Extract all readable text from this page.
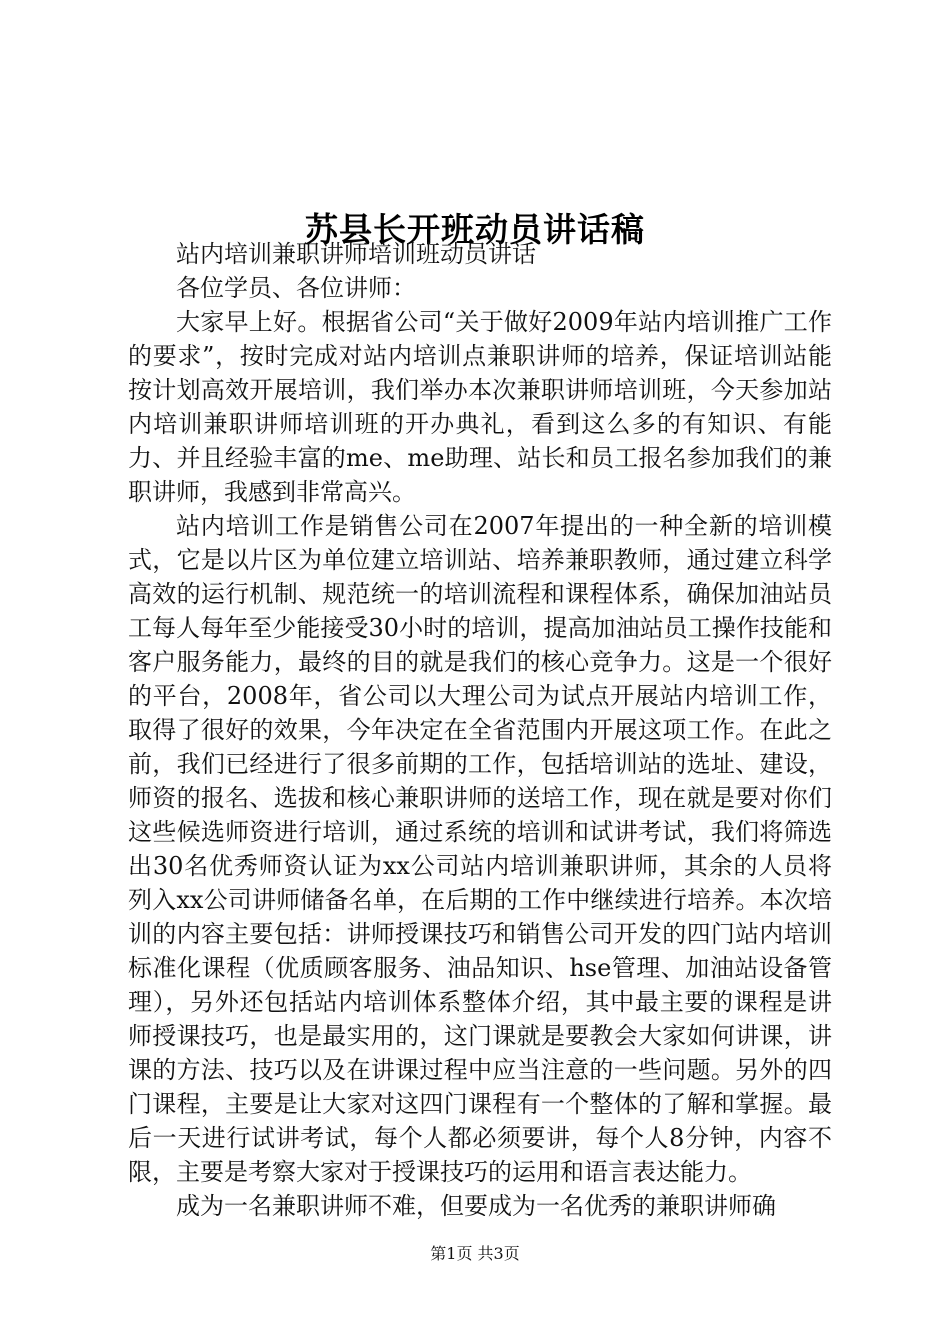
苏县长开班动员讲话稿

站内培训兼职讲师培训班动员讲话

各位学员、各位讲师：

大家早上好。根据省公司“关于做好2009年站内培训推广工作的要求”，按时完成对站内培训点兼职讲师的培养，保证培训站能按计划高效开展培训，我们举办本次兼职讲师培训班，今天参加站内培训兼职讲师培训班的开办典礼，看到这么多的有知识、有能力、并且经验丰富的me、me助理、站长和员工报名参加我们的兼职讲师，我感到非常高兴。

站内培训工作是销售公司在2007年提出的一种全新的培训模式，它是以片区为单位建立培训站、培养兼职教师，通过建立科学高效的运行机制、规范统一的培训流程和课程体系，确保加油站员工每人每年至少能接受30小时的培训，提高加油站员工操作技能和客户服务能力，最终的目的就是我们的核心竞争力。这是一个很好的平台，2008年，省公司以大理公司为试点开展站内培训工作，取得了很好的效果，今年决定在全省范围内开展这项工作。在此之前，我们已经进行了很多前期的工作，包括培训站的选址、建设，师资的报名、选拔和核心兼职讲师的送培工作，现在就是要对你们这些候选师资进行培训，通过系统的培训和试讲考试，我们将筛选出30名优秀师资认证为xx公司站内培训兼职讲师，其余的人员将列入xx公司讲师储备名单，在后期的工作中继续进行培养。本次培训的内容主要包括：讲师授课技巧和销售公司开发的四门站内培训标准化课程（优质顾客服务、油品知识、hse管理、加油站设备管理），另外还包括站内培训体系整体介绍，其中最主要的课程是讲师授课技巧，也是最实用的，这门课就是要教会大家如何讲课，讲课的方法、技巧以及在讲课过程中应当注意的一些问题。另外的四门课程，主要是让大家对这四门课程有一个整体的了解和掌握。最后一天进行试讲考试，每个人都必须要讲，每个人8分钟，内容不限，主要是考察大家对于授课技巧的运用和语言表达能力。

成为一名兼职讲师不难，但要成为一名优秀的兼职讲师确

第1页 共3页
